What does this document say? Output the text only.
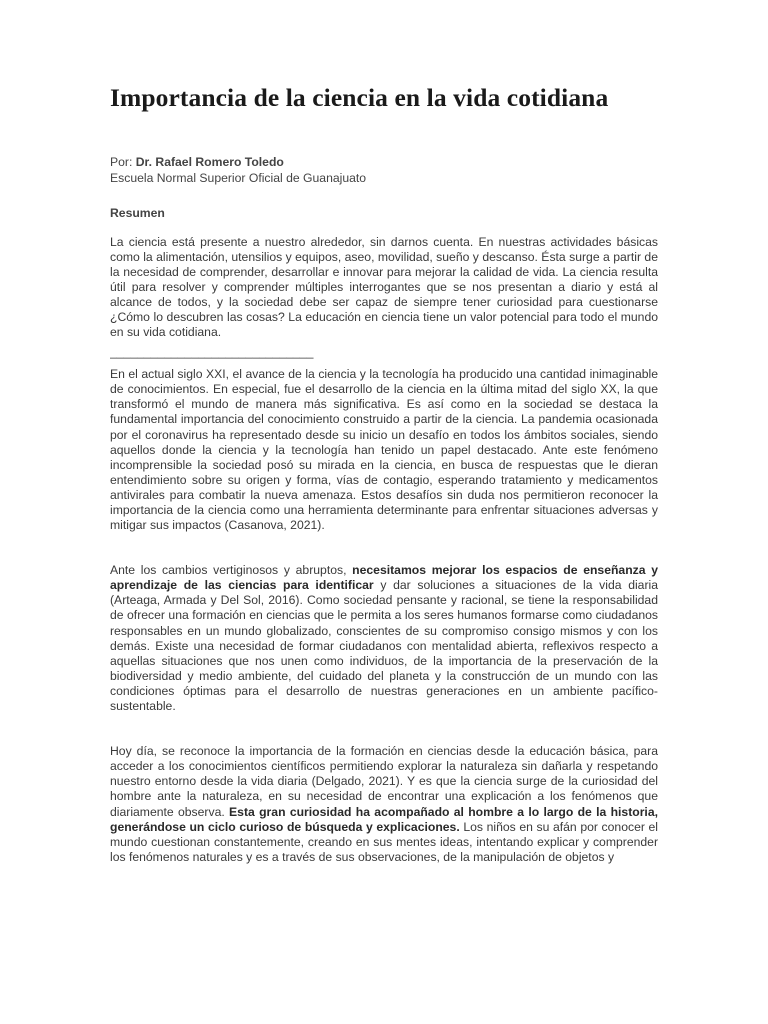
Importancia de la ciencia en la vida cotidiana
Por: Dr. Rafael Romero Toledo
Escuela Normal Superior Oficial de Guanajuato
Resumen

La ciencia está presente a nuestro alrededor, sin darnos cuenta. En nuestras actividades básicas como la alimentación, utensilios y equipos, aseo, movilidad, sueño y descanso. Ésta surge a partir de la necesidad de comprender, desarrollar e innovar para mejorar la calidad de vida. La ciencia resulta útil para resolver y comprender múltiples interrogantes que se nos presentan a diario y está al alcance de todos, y la sociedad debe ser capaz de siempre tener curiosidad para cuestionarse ¿Cómo lo descubren las cosas? La educación en ciencia tiene un valor potencial para todo el mundo en su vida cotidiana.

______________________________

En el actual siglo XXI, el avance de la ciencia y la tecnología ha producido una cantidad inimaginable de conocimientos. En especial, fue el desarrollo de la ciencia en la última mitad del siglo XX, la que transformó el mundo de manera más significativa. Es así como en la sociedad se destaca la fundamental importancia del conocimiento construido a partir de la ciencia. La pandemia ocasionada por el coronavirus ha representado desde su inicio un desafío en todos los ámbitos sociales, siendo aquellos donde la ciencia y la tecnología han tenido un papel destacado. Ante este fenómeno incomprensible la sociedad posó su mirada en la ciencia, en busca de respuestas que le dieran entendimiento sobre su origen y forma, vías de contagio, esperando tratamiento y medicamentos antivirales para combatir la nueva amenaza. Estos desafíos sin duda nos permitieron reconocer la importancia de la ciencia como una herramienta determinante para enfrentar situaciones adversas y mitigar sus impactos (Casanova, 2021).

Ante los cambios vertiginosos y abruptos, necesitamos mejorar los espacios de enseñanza y aprendizaje de las ciencias para identificar y dar soluciones a situaciones de la vida diaria (Arteaga, Armada y Del Sol, 2016). Como sociedad pensante y racional, se tiene la responsabilidad de ofrecer una formación en ciencias que le permita a los seres humanos formarse como ciudadanos responsables en un mundo globalizado, conscientes de su compromiso consigo mismos y con los demás. Existe una necesidad de formar ciudadanos con mentalidad abierta, reflexivos respecto a aquellas situaciones que nos unen como individuos, de la importancia de la preservación de la biodiversidad y medio ambiente, del cuidado del planeta y la construcción de un mundo con las condiciones óptimas para el desarrollo de nuestras generaciones en un ambiente pacífico-sustentable.

Hoy día, se reconoce la importancia de la formación en ciencias desde la educación básica, para acceder a los conocimientos científicos permitiendo explorar la naturaleza sin dañarla y respetando nuestro entorno desde la vida diaria (Delgado, 2021). Y es que la ciencia surge de la curiosidad del hombre ante la naturaleza, en su necesidad de encontrar una explicación a los fenómenos que diariamente observa. Esta gran curiosidad ha acompañado al hombre a lo largo de la historia, generándose un ciclo curioso de búsqueda y explicaciones. Los niños en su afán por conocer el mundo cuestionan constantemente, creando en sus mentes ideas, intentando explicar y comprender los fenómenos naturales y es a través de sus observaciones, de la manipulación de objetos y
